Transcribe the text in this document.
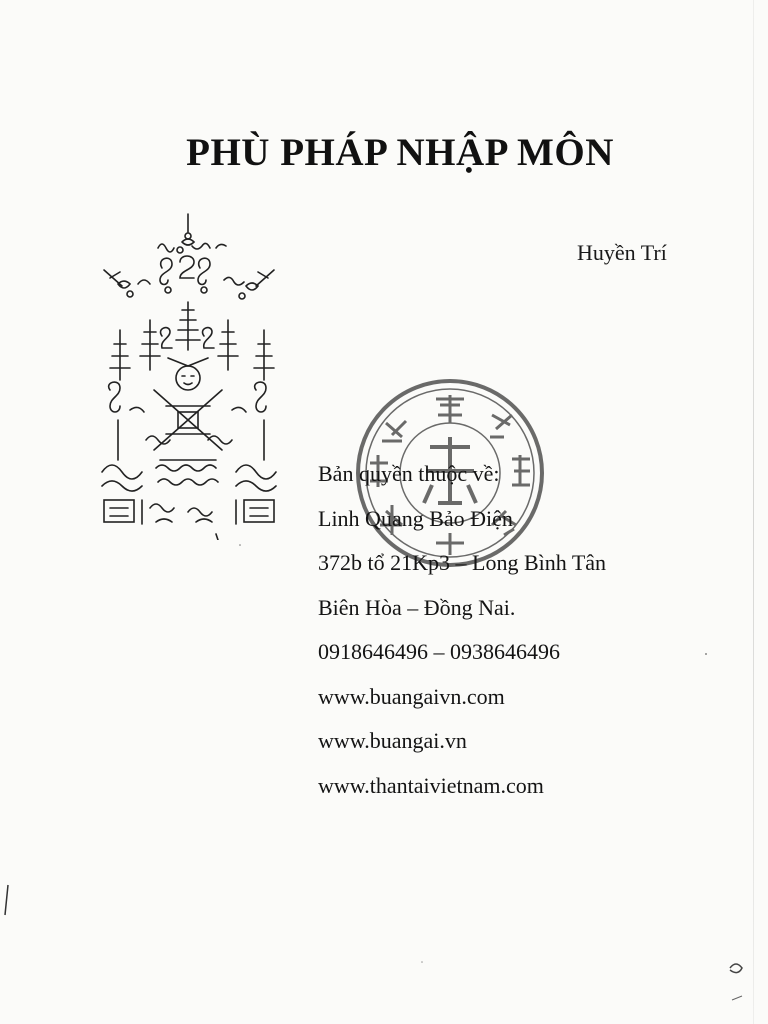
PHÙ PHÁP NHẬP MÔN
Huyền Trí
Bản quyền thuộc về:
Linh Quang Bảo Điện
372b tổ 21Kp3 – Long Bình Tân
Biên Hòa – Đồng Nai.
0918646496 – 0938646496
www.buangaivn.com
www.buangai.vn
www.thantaivietnam.com
